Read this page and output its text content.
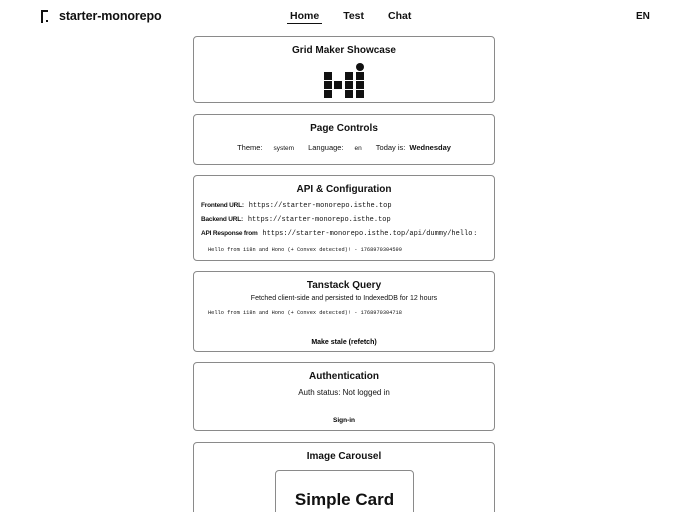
starter-monorepo	Home Test Chat	EN
Grid Maker Showcase
Page Controls
Theme: system Language: en Today is: Wednesday
API & Configuration
Frontend URL: https://starter-monorepo.isthe.top
Backend URL: https://starter-monorepo.isthe.top
API Response from https://starter-monorepo.isthe.top/api/dummy/hello :
Hello from i18n and Hono (+ Convex detected)! - 1768970304599
Tanstack Query
Fetched client-side and persisted to IndexedDB for 12 hours
Hello from i18n and Hono (+ Convex detected)! - 1768970304718
Make stale (refetch)
Authentication
Auth status: Not logged in
Sign-in
Image Carousel
Simple Card
